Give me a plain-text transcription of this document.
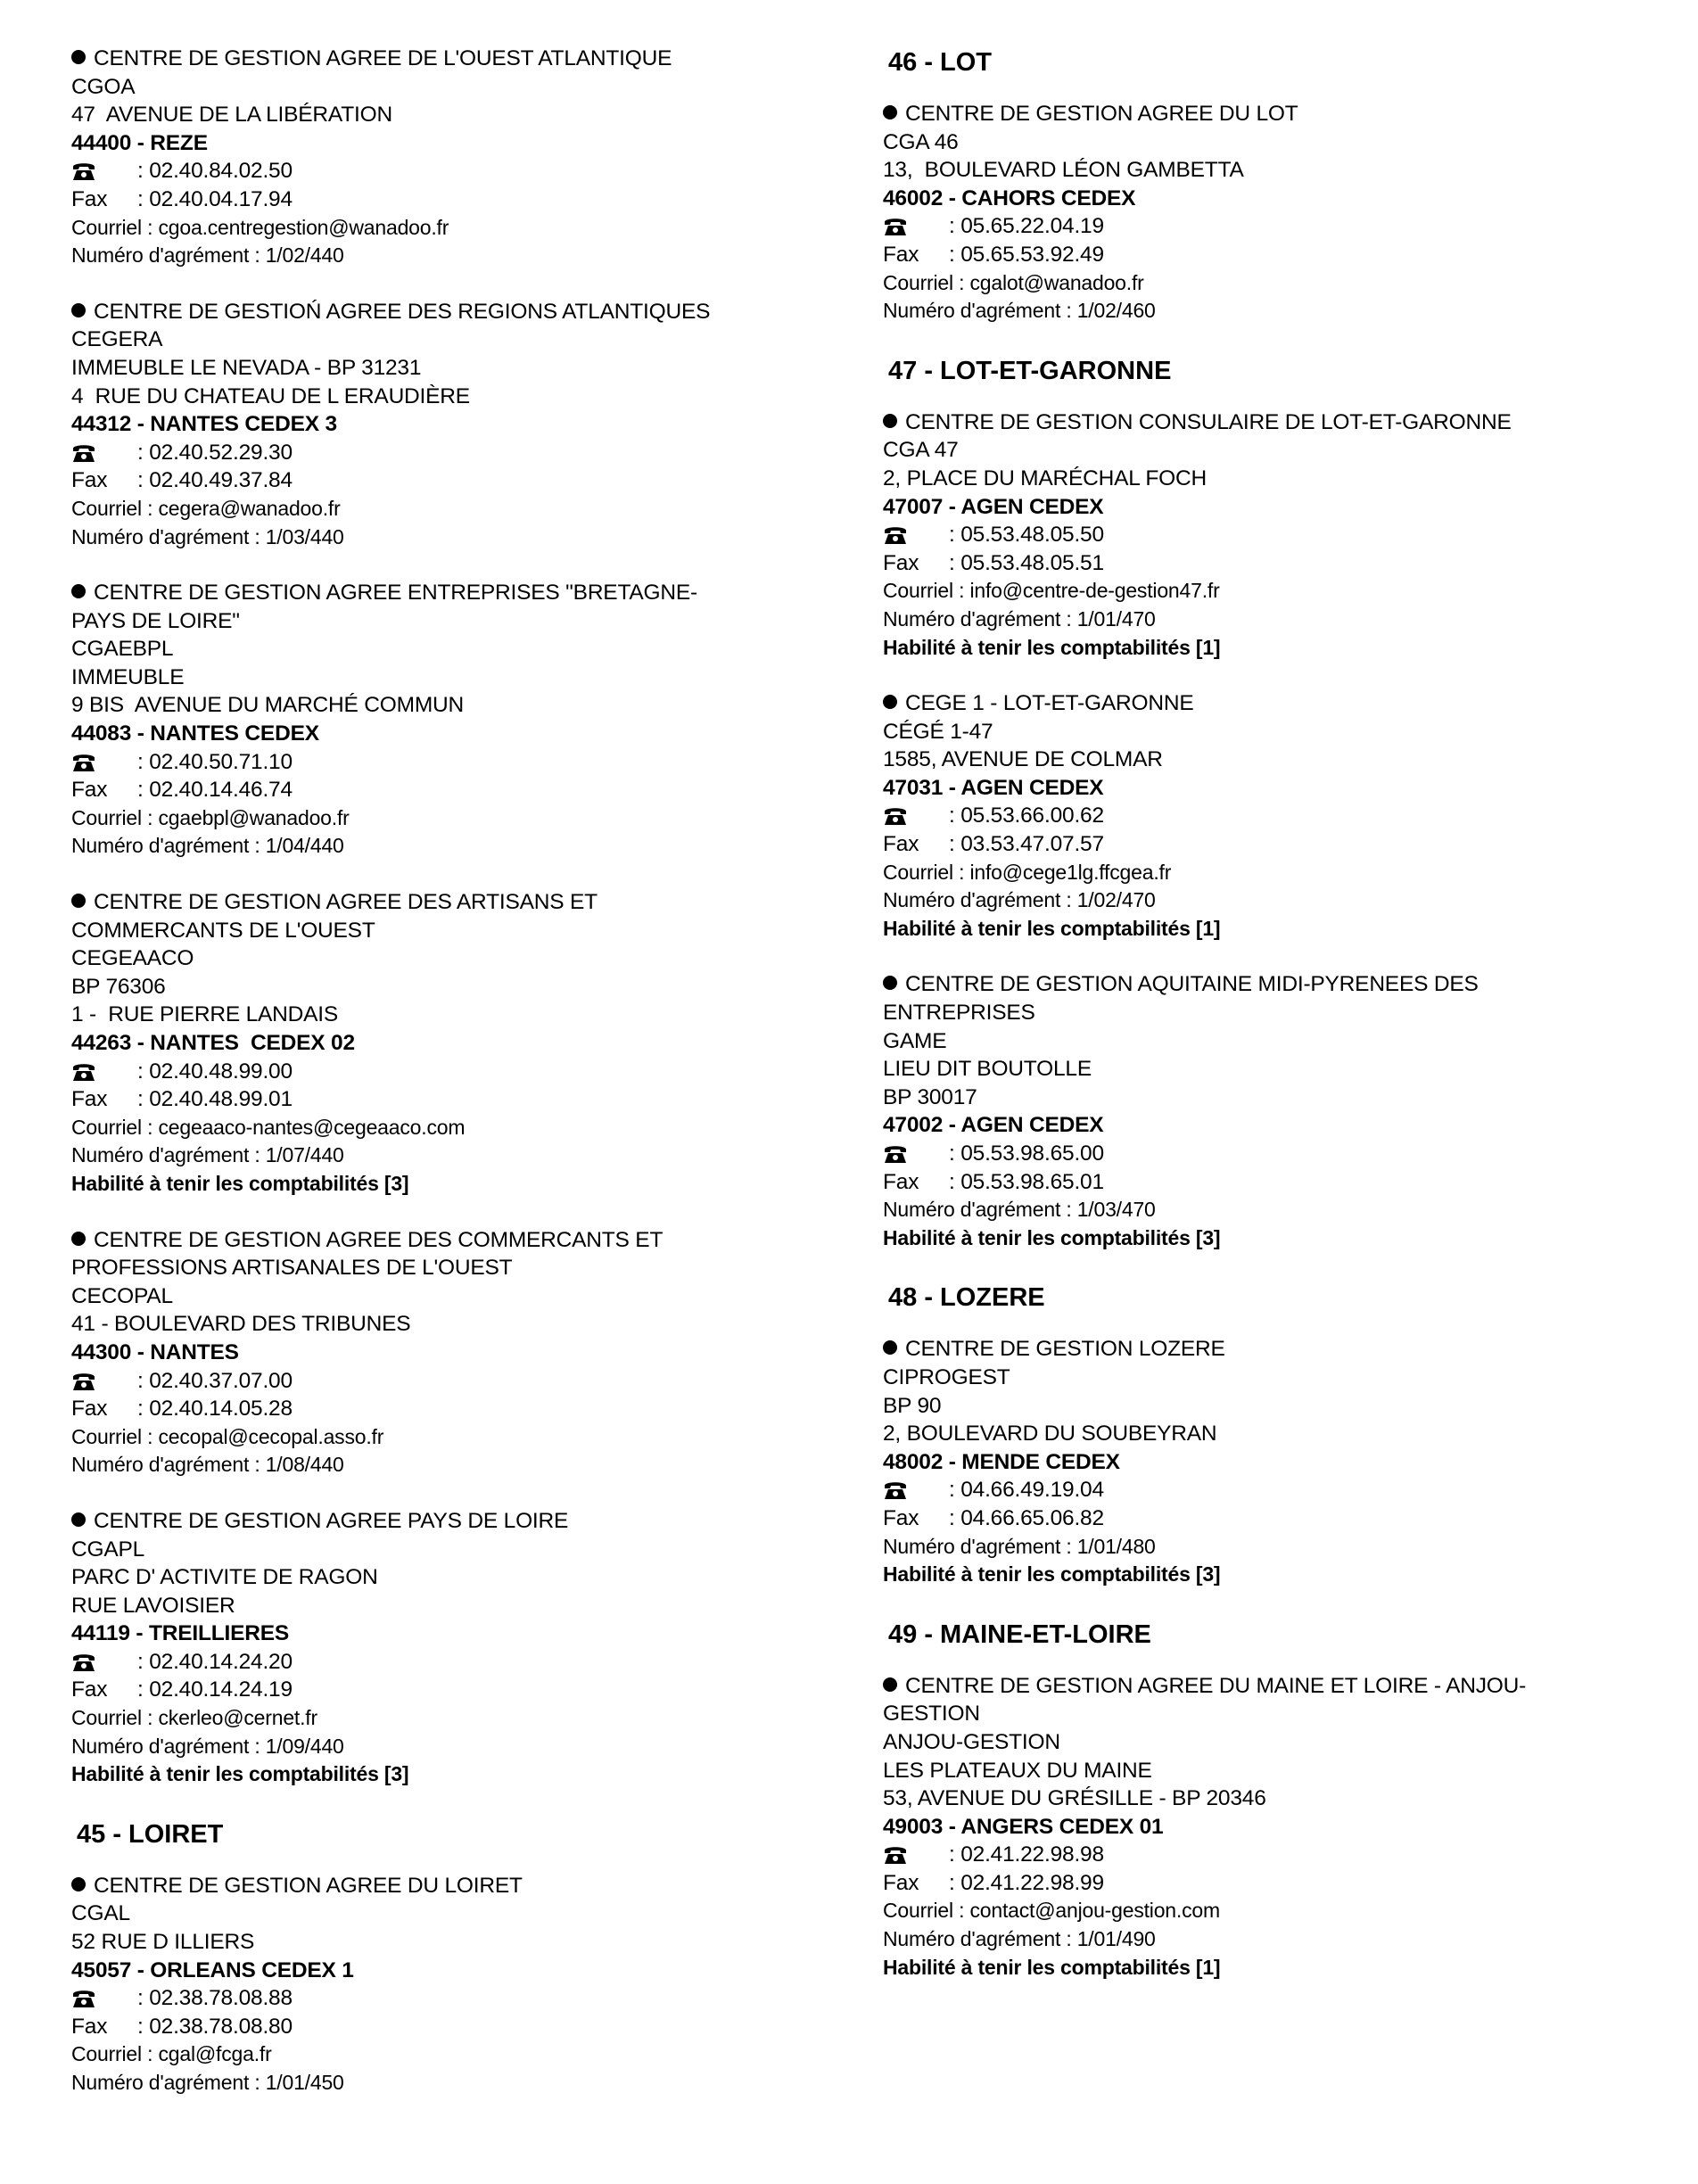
CENTRE DE GESTION AGREE DE L'OUEST ATLANTIQUE
CGOA
47  AVENUE DE LA LIBÉRATION
44400 - REZE
: 02.40.84.02.50
Fax : 02.40.04.17.94
Courriel : cgoa.centregestion@wanadoo.fr
Numéro d'agrément : 1/02/440
CENTRE DE GESTIOŃ AGREE DES REGIONS ATLANTIQUES
CEGERA
IMMEUBLE LE NEVADA - BP 31231
4  RUE DU CHATEAU DE L ERAUDIÈRE
44312 - NANTES CEDEX 3
: 02.40.52.29.30
Fax : 02.40.49.37.84
Courriel : cegera@wanadoo.fr
Numéro d'agrément : 1/03/440
CENTRE DE GESTION AGREE ENTREPRISES "BRETAGNE-
PAYS DE LOIRE"
CGAEBPL
IMMEUBLE
9 BIS  AVENUE DU MARCHÉ COMMUN
44083 - NANTES CEDEX
: 02.40.50.71.10
Fax : 02.40.14.46.74
Courriel : cgaebpl@wanadoo.fr
Numéro d'agrément : 1/04/440
CENTRE DE GESTION AGREE DES ARTISANS ET
COMMERCANTS DE L'OUEST
CEGEAACO
BP 76306
1 -  RUE PIERRE LANDAIS
44263 - NANTES  CEDEX 02
: 02.40.48.99.00
Fax : 02.40.48.99.01
Courriel : cegeaaco-nantes@cegeaaco.com
Numéro d'agrément : 1/07/440
Habilité à tenir les comptabilités [3]
CENTRE DE GESTION AGREE DES COMMERCANTS ET
PROFESSIONS ARTISANALES DE L'OUEST
CECOPAL
41 - BOULEVARD DES TRIBUNES
44300 - NANTES
: 02.40.37.07.00
Fax : 02.40.14.05.28
Courriel : cecopal@cecopal.asso.fr
Numéro d'agrément : 1/08/440
CENTRE DE GESTION AGREE PAYS DE LOIRE
CGAPL
PARC D' ACTIVITE DE RAGON
RUE LAVOISIER
44119 - TREILLIERES
: 02.40.14.24.20
Fax : 02.40.14.24.19
Courriel : ckerleo@cernet.fr
Numéro d'agrément : 1/09/440
Habilité à tenir les comptabilités [3]
45 - LOIRET
CENTRE DE GESTION AGREE DU LOIRET
CGAL
52 RUE D ILLIERS
45057 - ORLEANS CEDEX 1
: 02.38.78.08.88
Fax : 02.38.78.08.80
Courriel : cgal@fcga.fr
Numéro d'agrément : 1/01/450
46 - LOT
CENTRE DE GESTION AGREE DU LOT
CGA 46
13,  BOULEVARD LÉON GAMBETTA
46002 - CAHORS CEDEX
: 05.65.22.04.19
Fax : 05.65.53.92.49
Courriel : cgalot@wanadoo.fr
Numéro d'agrément : 1/02/460
47 - LOT-ET-GARONNE
CENTRE DE GESTION CONSULAIRE DE LOT-ET-GARONNE
CGA 47
2, PLACE DU MARÉCHAL FOCH
47007 - AGEN CEDEX
: 05.53.48.05.50
Fax : 05.53.48.05.51
Courriel : info@centre-de-gestion47.fr
Numéro d'agrément : 1/01/470
Habilité à tenir les comptabilités [1]
CEGE 1 - LOT-ET-GARONNE
CÉGÉ 1-47
1585, AVENUE DE COLMAR
47031 - AGEN CEDEX
: 05.53.66.00.62
Fax : 03.53.47.07.57
Courriel : info@cege1lg.ffcgea.fr
Numéro d'agrément : 1/02/470
Habilité à tenir les comptabilités [1]
CENTRE DE GESTION AQUITAINE MIDI-PYRENEES DES
ENTREPRISES
GAME
LIEU DIT BOUTOLLE
BP 30017
47002 - AGEN CEDEX
: 05.53.98.65.00
Fax : 05.53.98.65.01
Numéro d'agrément : 1/03/470
Habilité à tenir les comptabilités [3]
48 - LOZERE
CENTRE DE GESTION LOZERE
CIPROGEST
BP 90
2, BOULEVARD DU SOUBEYRAN
48002 - MENDE CEDEX
: 04.66.49.19.04
Fax : 04.66.65.06.82
Numéro d'agrément : 1/01/480
Habilité à tenir les comptabilités [3]
49 - MAINE-ET-LOIRE
CENTRE DE GESTION AGREE DU MAINE ET LOIRE - ANJOU-
GESTION
ANJOU-GESTION
LES PLATEAUX DU MAINE
53, AVENUE DU GRÉSILLE - BP 20346
49003 - ANGERS CEDEX 01
: 02.41.22.98.98
Fax : 02.41.22.98.99
Courriel : contact@anjou-gestion.com
Numéro d'agrément : 1/01/490
Habilité à tenir les comptabilités [1]
